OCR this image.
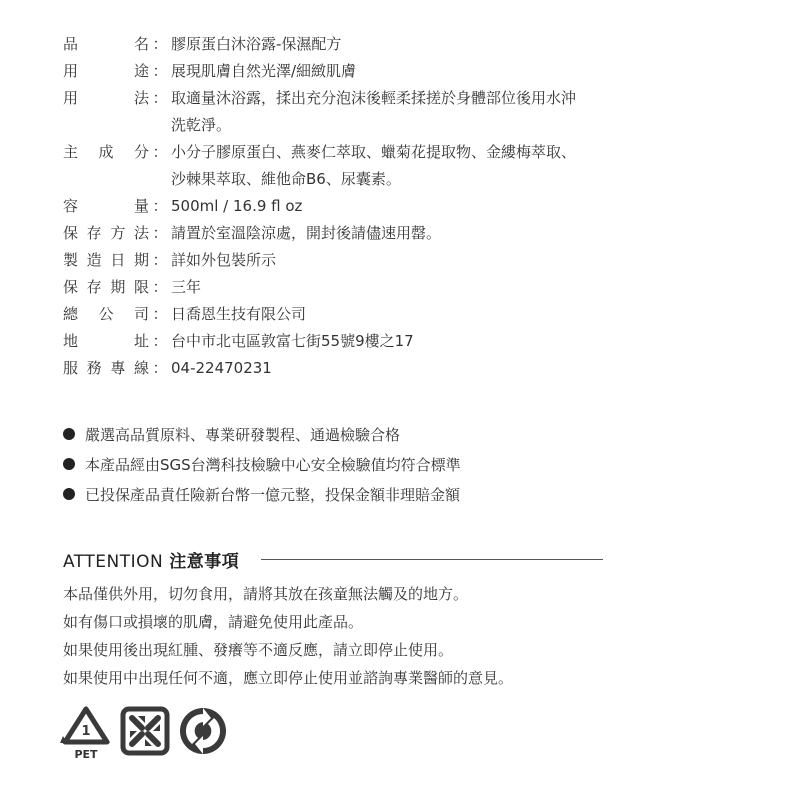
品	名 ： 膠原蛋白沐浴露-保濕配方
用	途 ： 展現肌膚自然光澤/細緻肌膚
用	法 ： 取適量沐浴露，揉出充分泡沫後輕柔揉搓於身體部位後用水沖
洗乾淨。
主 成 分 ： 小分子膠原蛋白、燕麥仁萃取、蠟菊花提取物、金縷梅萃取、
沙棘果萃取、維他命B6、尿囊素。
容	量 ： 500ml / 16.9 fl oz
保 存 方 法 ： 請置於室溫陰涼處，開封後請儘速用罄。
製 造 日 期 ： 詳如外包裝所示
保 存 期 限 ： 三年
總 公 司 ： 日喬恩生技有限公司
地	址 ： 台中市北屯區敦富七街55號9樓之17
服 務 專 線 ： 04-22470231
嚴選高品質原料、專業研發製程、通過檢驗合格
本產品經由SGS台灣科技檢驗中心安全檢驗值均符合標準
已投保產品責任險新台幣一億元整，投保金額非理賠金額
ATTENTION 注意事項
本品僅供外用，切勿食用，請將其放在孩童無法觸及的地方。
如有傷口或損壞的肌膚，請避免使用此產品。
如果使用後出現紅腫、發癢等不適反應，請立即停止使用。
如果使用中出現任何不適，應立即停止使用並諮詢專業醫師的意見。
1
PET
